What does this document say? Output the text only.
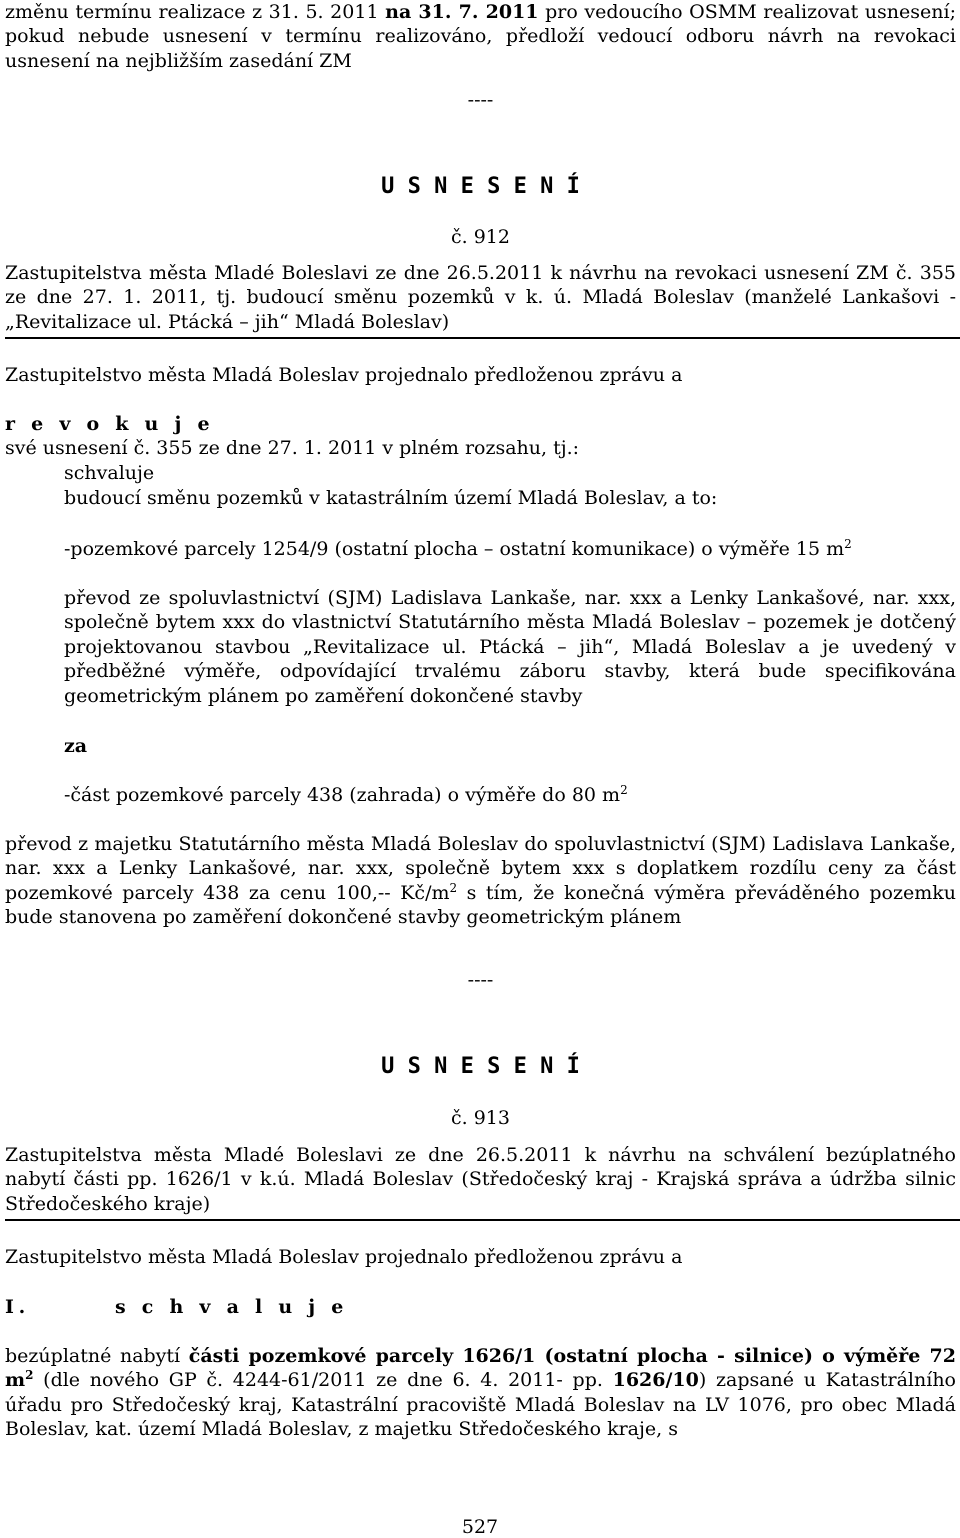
změnu termínu realizace z 31. 5. 2011 na 31. 7. 2011 pro vedoucího OSMM realizovat usnesení; pokud nebude usnesení v termínu realizováno, předloží vedoucí odboru návrh na revokaci usnesení na nejbližším zasedání ZM

----

U S N E S E N Í

č. 912

Zastupitelstva města Mladé Boleslavi ze dne 26.5.2011 k návrhu na revokaci usnesení ZM č. 355 ze dne 27. 1. 2011, tj. budoucí směnu pozemků v k. ú. Mladá Boleslav (manželé Lankašovi - „Revitalizace ul. Ptácká – jih“ Mladá Boleslav)

Zastupitelstvo města Mladá Boleslav projednalo předloženou zprávu a

r e v o k u j e

své usnesení č. 355 ze dne 27. 1. 2011 v plném rozsahu, tj.:

schvaluje

budoucí směnu pozemků v katastrálním území Mladá Boleslav, a to:

-pozemkové parcely 1254/9 (ostatní plocha – ostatní komunikace) o výměře 15 $m^2$

převod ze spoluvlastnictví (SJM) Ladislava Lankaše, nar. xxx a Lenky Lankašové, nar. xxx, společně bytem xxx do vlastnictví Statutárního města Mladá Boleslav – pozemek je dotčený projektovanou stavbou „Revitalizace ul. Ptácká – jih“, Mladá Boleslav a je uvedený v předběžné výměře, odpovídající trvalému záboru stavby, která bude specifikována geometrickým plánem po zaměření dokončené stavby

za

-část pozemkové parcely 438 (zahrada) o výměře do 80 $m^2$

převod z majetku Statutárního města Mladá Boleslav do spoluvlastnictví (SJM) Ladislava Lankaše, nar. xxx a Lenky Lankašové, nar. xxx, společně bytem xxx s doplatkem rozdílu ceny za část pozemkové parcely 438 za cenu 100,-- $Kč/m^2$ s tím, že konečná výměra převáděného pozemku bude stanovena po zaměření dokončené stavby geometrickým plánem

----

U S N E S E N Í

č. 913

Zastupitelstva města Mladé Boleslavi ze dne 26.5.2011 k návrhu na schválení bezúplatného nabytí části pp. 1626/1 v k.ú. Mladá Boleslav (Středočeský kraj - Krajská správa a údržba silnic Středočeského kraje)

Zastupitelstvo města Mladá Boleslav projednalo předloženou zprávu a

I.	s c h v a l u j e

bezúplatné nabytí části pozemkové parcely 1626/1 (ostatní plocha - silnice) o výměře 72 $m^2$ (dle nového GP č. 4244-61/2011 ze dne 6. 4. 2011- pp. 1626/10) zapsané u Katastrálního úřadu pro Středočeský kraj, Katastrální pracoviště Mladá Boleslav na LV 1076, pro obec Mladá Boleslav, kat. území Mladá Boleslav, z majetku Středočeského kraje, s

527
